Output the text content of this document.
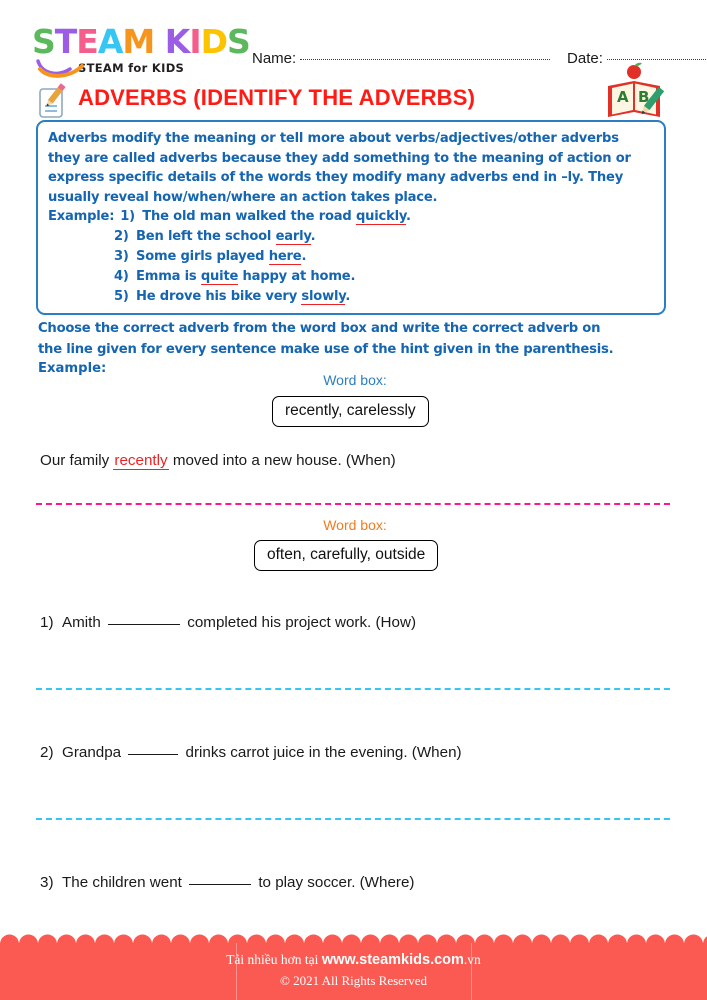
STEAM KIDS
STEAM for KIDS
Name:	Date:
ADVERBS (IDENTIFY THE ADVERBS)	A B
Adverbs modify the meaning or tell more about verbs/adjectives/other adverbs they are called adverbs because they add something to the meaning of action or express specific details of the words they modify many adverbs end in –ly. They usually reveal how/when/where an action takes place.
Example: 1) The old man walked the road quickly.
2) Ben left the school early.
3) Some girls played here.
4) Emma is quite happy at home.
5) He drove his bike very slowly.
Choose the correct adverb from the word box and write the correct adverb on
the line given for every sentence make use of the hint given in the parenthesis.
Example:
Word box:
recently, carelessly
Our family recently moved into a new house. (When)
Word box:
often, carefully, outside
1) Amith	completed his project work. (How)
2) Grandpa	drinks carrot juice in the evening. (When)
3) The children went	to play soccer. (Where)
Tải nhiều hơn tại www.steamkids.com.vn
© 2021 All Rights Reserved
